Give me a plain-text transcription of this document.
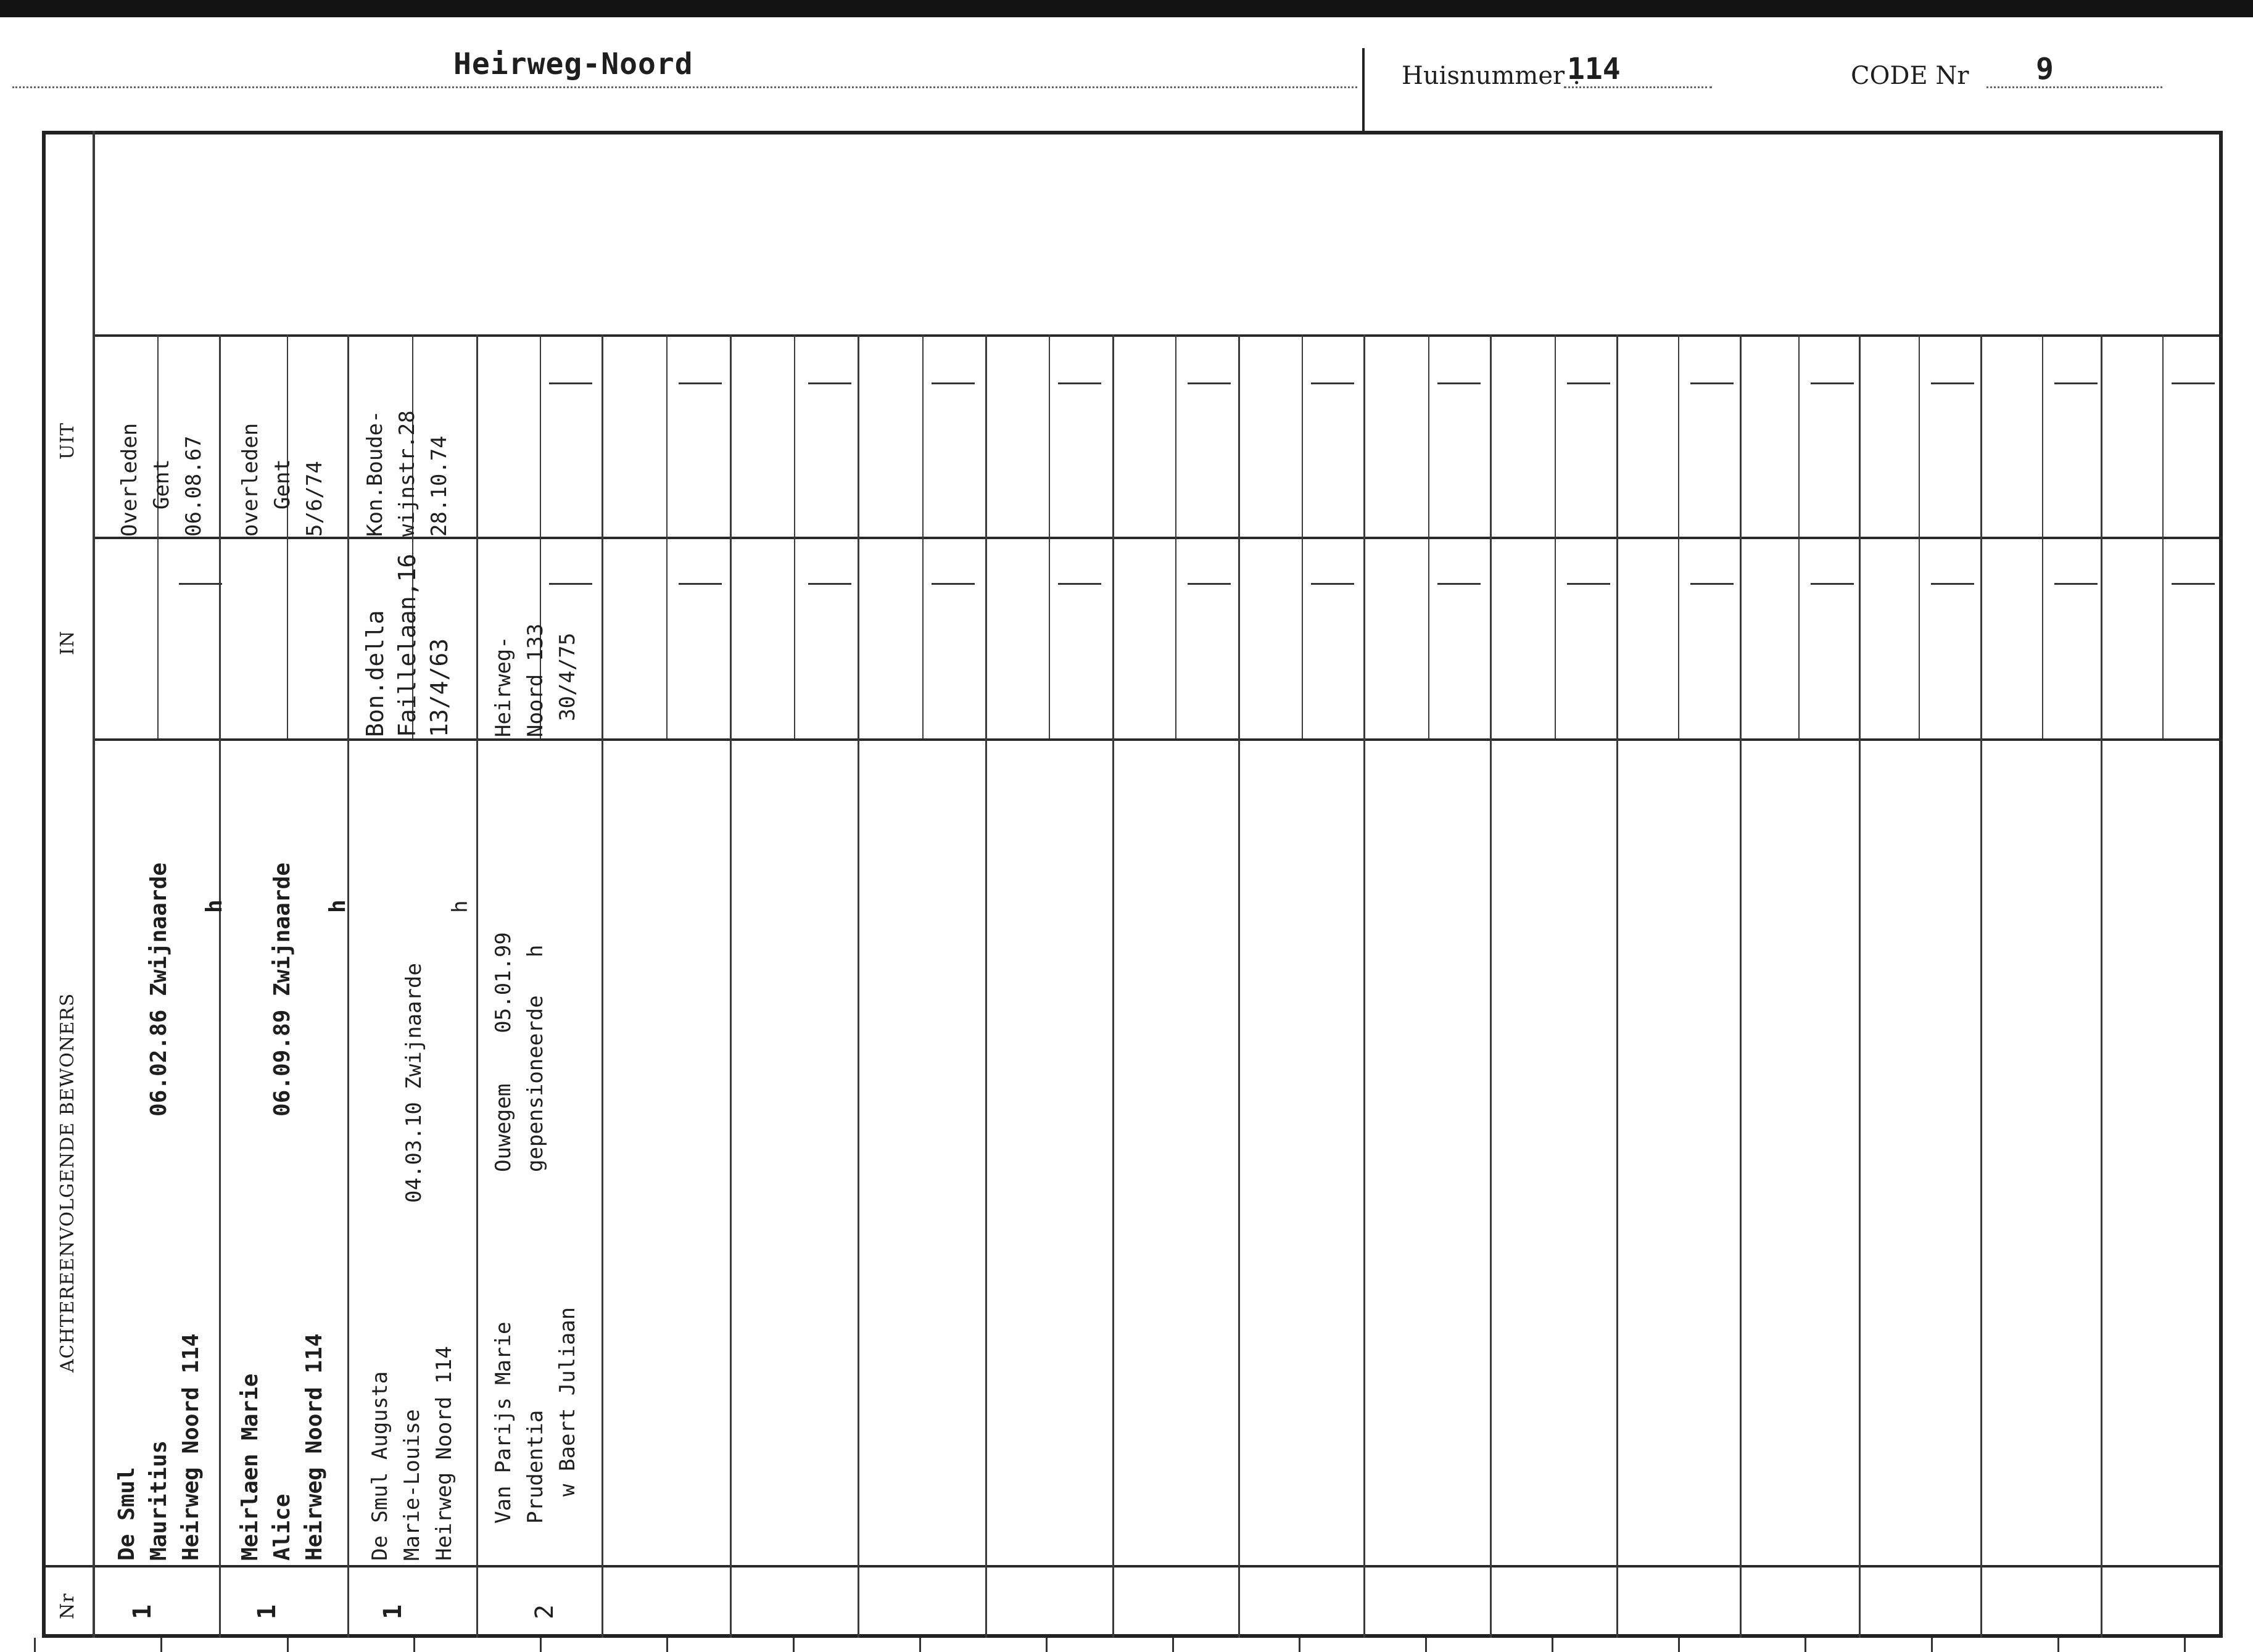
Heirweg-Noord	Huisnummer :
114	CODE Nr 9
UIT
IN
ACHTEREENVOLGENDE BEWONERS
Nr
Overleden Gent 06.08.67
De Smul Mauritius Heirweg Noord 114
06.02.86 Zwijnaarde h
1
overleden Gent 5/6/74
Meirlaen Marie Alice Heirweg Noord 114
06.09.89 Zwijnaarde h
1
Bon.della Faillelaan,16 13/4/63
Kon.Boude- wijnstr.28 28.10.74
De Smul Augusta Marie-Louise Heirweg Noord 114
04.03.10 Zwijnaarde
h
1
Heirweg- Noord 133 30/4/75
Van Parijs Marie Prudentia w Baert Juliaan
Ouwegem    05.01.99 gepensioneerde   h
2
